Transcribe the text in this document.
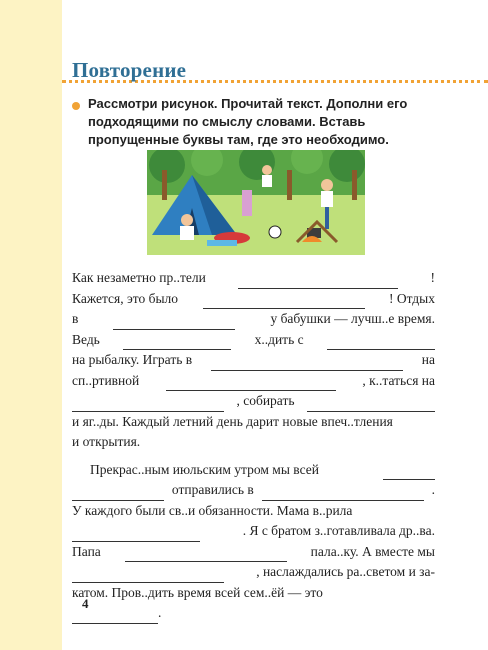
Повторение
Рассмотри рисунок. Прочитай текст. Дополни его подходящими по смыслу словами. Вставь пропущенные буквы там, где это необходимо.
Как незаметно пр..тели	!
Кажется, это было	! Отдых
в	у бабушки — лучш..е время.
Ведь	х..дить с
на рыбалку. Играть в	на
сп..ртивной	, к..таться на
, собирать
и яг..ды. Каждый летний день дарит новые впеч..тления
и открытия.
Прекрас..ным июльским утром мы всей
отправились в	.
У каждого были св..и обязанности. Мама в..рила
. Я с братом з..готавливала др..ва.
Папа	пала..ку. А вместе мы
, наслаждались ра..светом и за-
катом. Пров..дить время всей сем..ёй — это
.
4
